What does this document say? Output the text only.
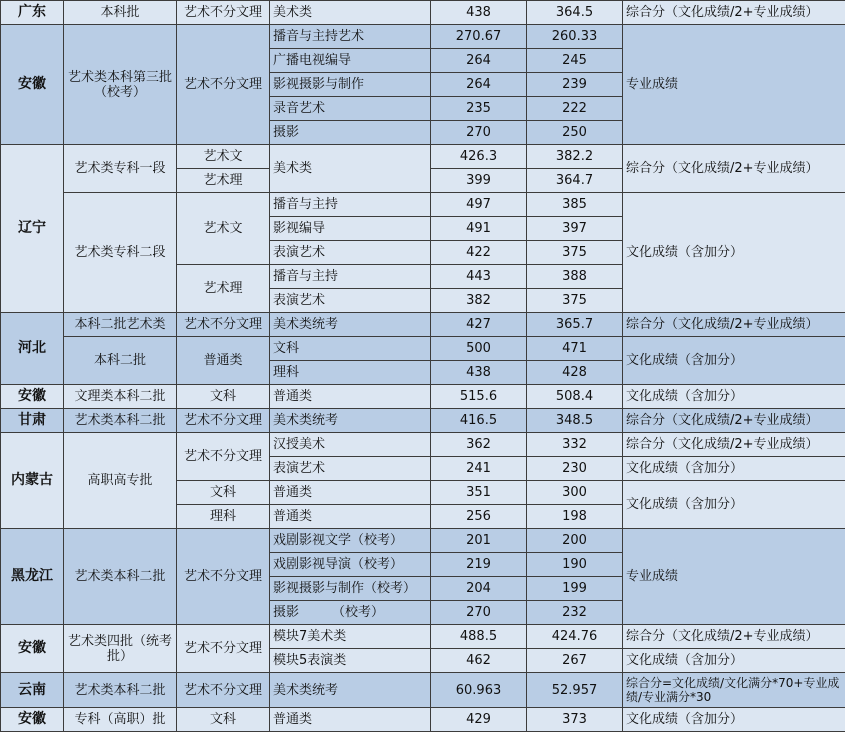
广东	本科批	艺术不分文理	美术类	438	364.5	综合分（文化成绩/2+专业成绩）
安徽	艺术类本科第三批（校考）	艺术不分文理	播音与主持艺术	270.67	260.33	专业成绩
			广播电视编导	264	245	
			影视摄影与制作	264	239	
			录音艺术	235	222	
			摄影	270	250	
辽宁	艺术类专科一段	艺术文	美术类	426.3	382.2	综合分（文化成绩/2+专业成绩）
		艺术理		399	364.7	
	艺术类专科二段	艺术文	播音与主持	497	385	文化成绩（含加分）
			影视编导	491	397	
			表演艺术	422	375	
		艺术理	播音与主持	443	388	
			表演艺术	382	375	
河北	本科二批艺术类	艺术不分文理	美术类统考	427	365.7	综合分（文化成绩/2+专业成绩）
	本科二批	普通类	文科	500	471	文化成绩（含加分）
			理科	438	428	
安徽	文理类本科二批	文科	普通类	515.6	508.4	文化成绩（含加分）
甘肃	艺术类本科二批	艺术不分文理	美术类统考	416.5	348.5	综合分（文化成绩/2+专业成绩）
内蒙古	高职高专批	艺术不分文理	汉授美术	362	332	综合分（文化成绩/2+专业成绩）
			表演艺术	241	230	文化成绩（含加分）
		文科	普通类	351	300	文化成绩（含加分）
		理科	普通类	256	198	
黑龙江	艺术类本科二批	艺术不分文理	戏剧影视文学（校考）	201	200	专业成绩
			戏剧影视导演（校考）	219	190	
			影视摄影与制作（校考）	204	199	
			摄影        （校考）	270	232	
安徽	艺术类四批（统考批）	艺术不分文理	模块7美术类	488.5	424.76	综合分（文化成绩/2+专业成绩）
			模块5表演类	462	267	文化成绩（含加分）
云南	艺术类本科二批	艺术不分文理	美术类统考	60.963	52.957	综合分=文化成绩/文化满分*70+专业成绩/专业满分*30
安徽	专科（高职）批	文科	普通类	429	373	文化成绩（含加分）
